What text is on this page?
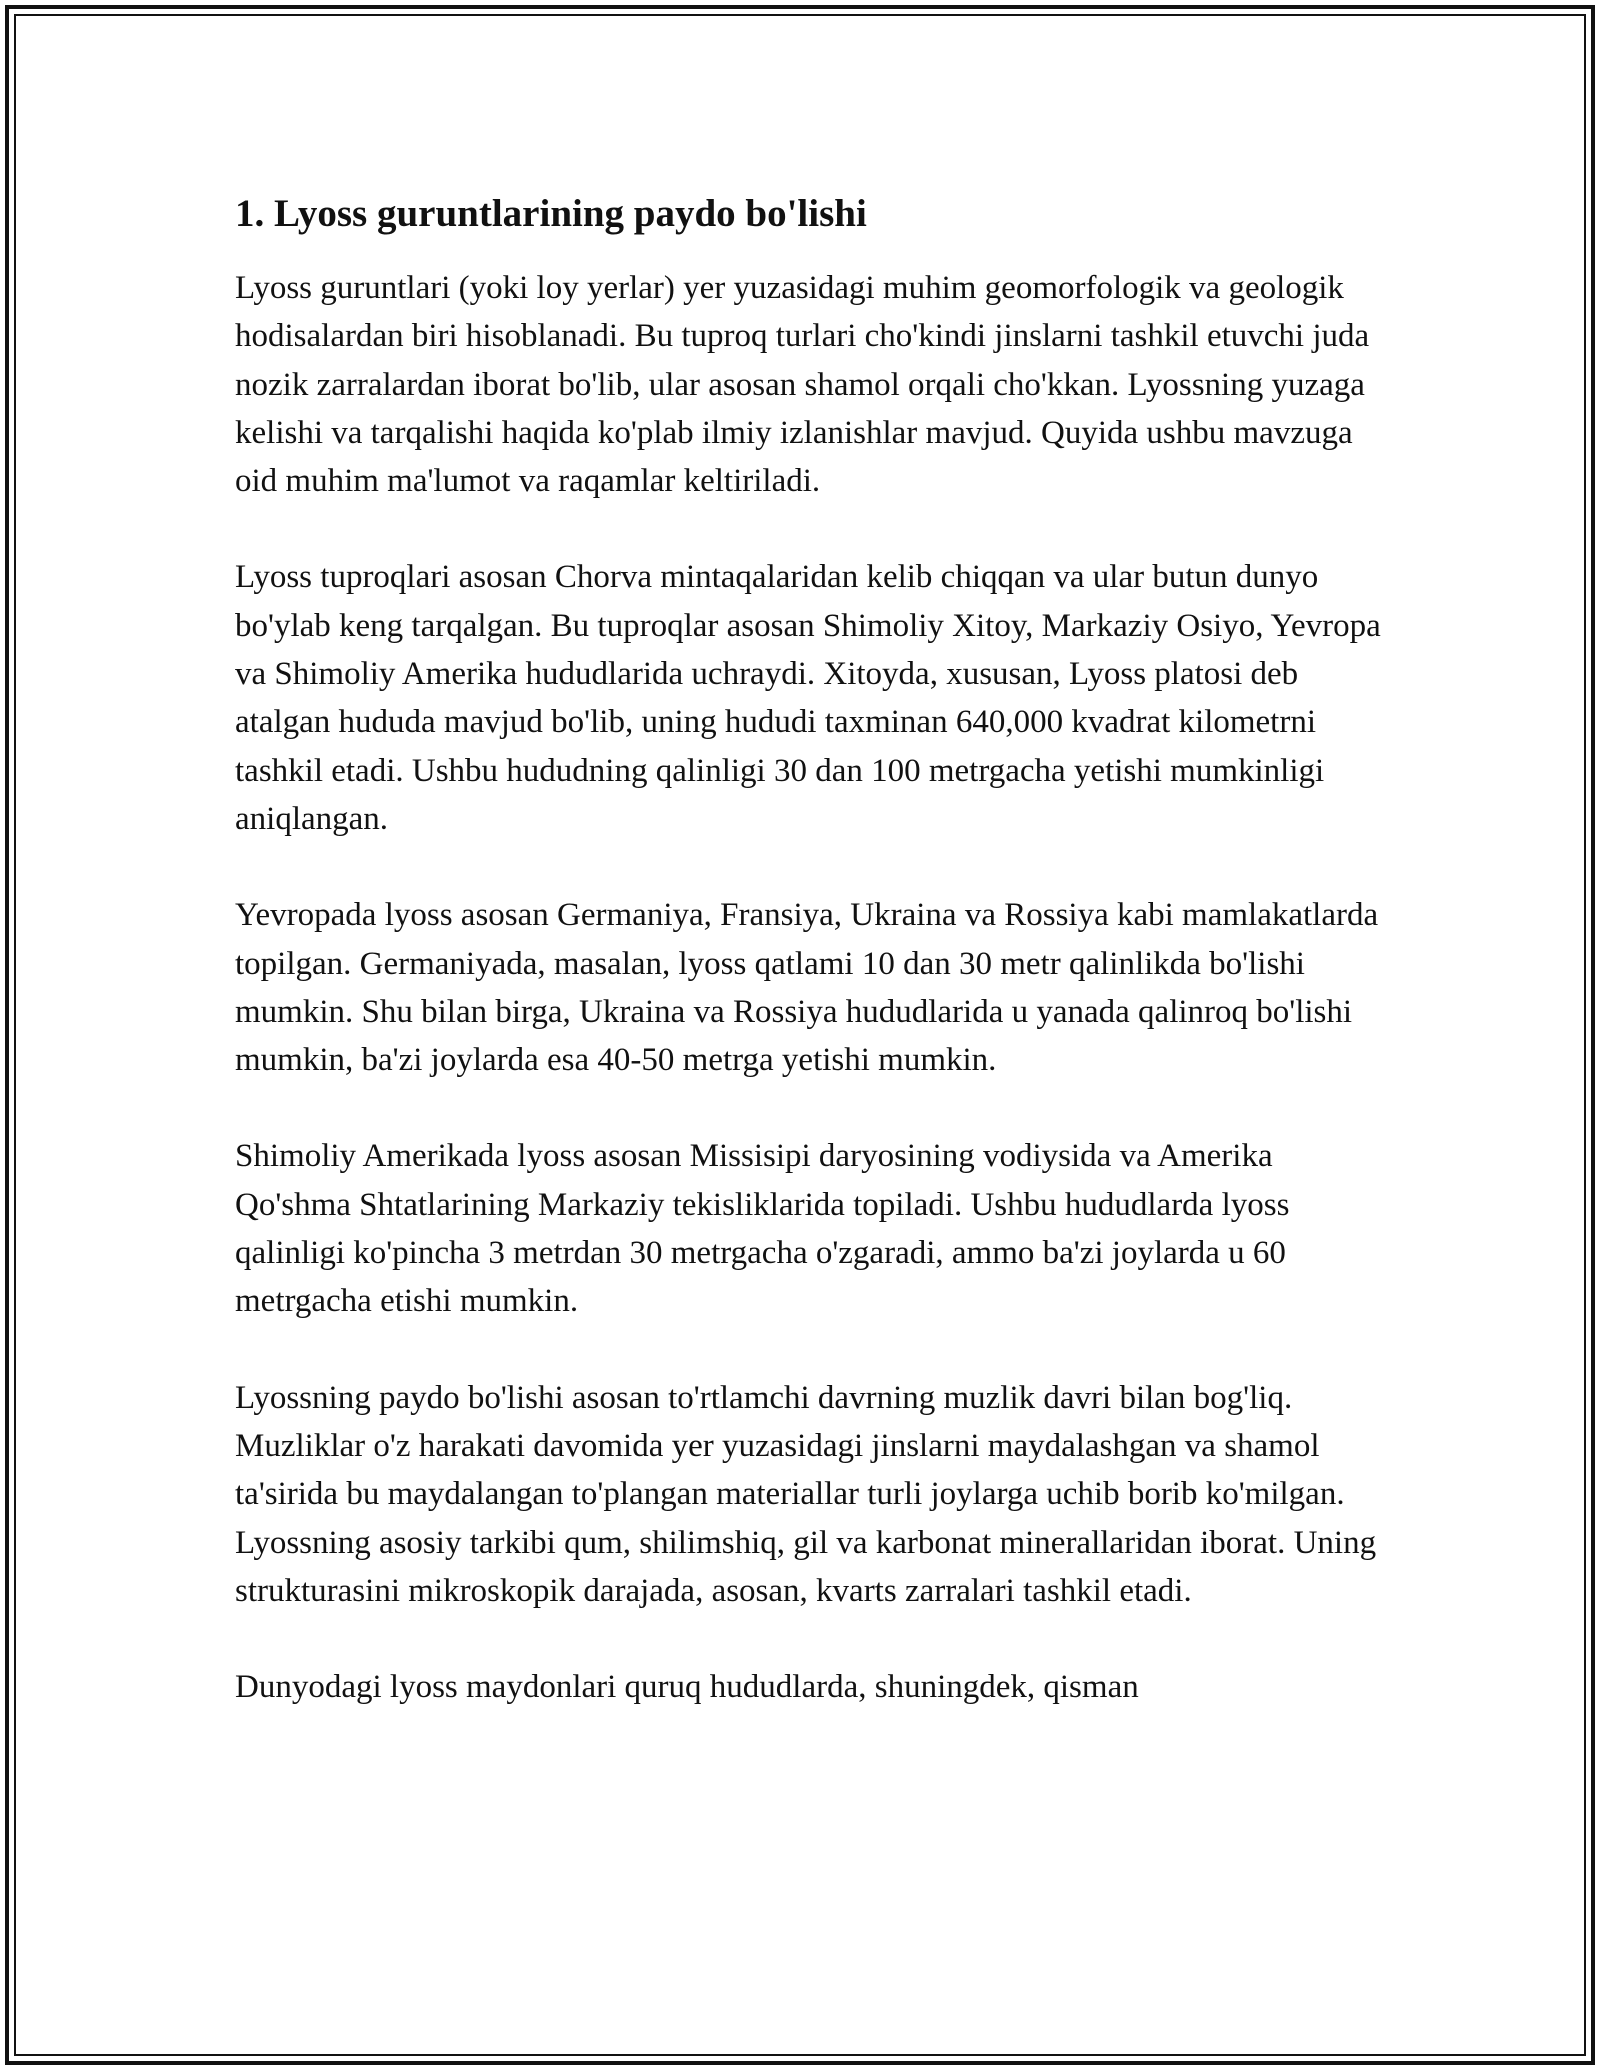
1. Lyoss guruntlarining paydo bo'lishi

Lyoss guruntlari (yoki loy yerlar) yer yuzasidagi muhim geomorfologik va geologik hodisalardan biri hisoblanadi. Bu tuproq turlari cho'kindi jinslarni tashkil etuvchi juda nozik zarralardan iborat bo'lib, ular asosan shamol orqali cho'kkan. Lyossning yuzaga kelishi va tarqalishi haqida ko'plab ilmiy izlanishlar mavjud. Quyida ushbu mavzuga oid muhim ma'lumot va raqamlar keltiriladi.

Lyoss tuproqlari asosan Chorva mintaqalaridan kelib chiqqan va ular butun dunyo bo'ylab keng tarqalgan. Bu tuproqlar asosan Shimoliy Xitoy, Markaziy Osiyo, Yevropa va Shimoliy Amerika hududlarida uchraydi. Xitoyda, xususan, Lyoss platosi deb atalgan hududa mavjud bo'lib, uning hududi taxminan 640,000 kvadrat kilometrni tashkil etadi. Ushbu hududning qalinligi 30 dan 100 metrgacha yetishi mumkinligi aniqlangan.

Yevropada lyoss asosan Germaniya, Fransiya, Ukraina va Rossiya kabi mamlakatlarda topilgan. Germaniyada, masalan, lyoss qatlami 10 dan 30 metr qalinlikda bo'lishi mumkin. Shu bilan birga, Ukraina va Rossiya hududlarida u yanada qalinroq bo'lishi mumkin, ba'zi joylarda esa 40-50 metrga yetishi mumkin.

Shimoliy Amerikada lyoss asosan Missisipi daryosining vodiysida va Amerika Qo'shma Shtatlarining Markaziy tekisliklarida topiladi. Ushbu hududlarda lyoss qalinligi ko'pincha 3 metrdan 30 metrgacha o'zgaradi, ammo ba'zi joylarda u 60 metrgacha etishi mumkin.

Lyossning paydo bo'lishi asosan to'rtlamchi davrning muzlik davri bilan bog'liq. Muzliklar o'z harakati davomida yer yuzasidagi jinslarni maydalashgan va shamol ta'sirida bu maydalangan to'plangan materiallar turli joylarga uchib borib ko'milgan. Lyossning asosiy tarkibi qum, shilimshiq, gil va karbonat minerallaridan iborat. Uning strukturasini mikroskopik darajada, asosan, kvarts zarralari tashkil etadi.

Dunyodagi lyoss maydonlari quruq hududlarda, shuningdek, qisman
